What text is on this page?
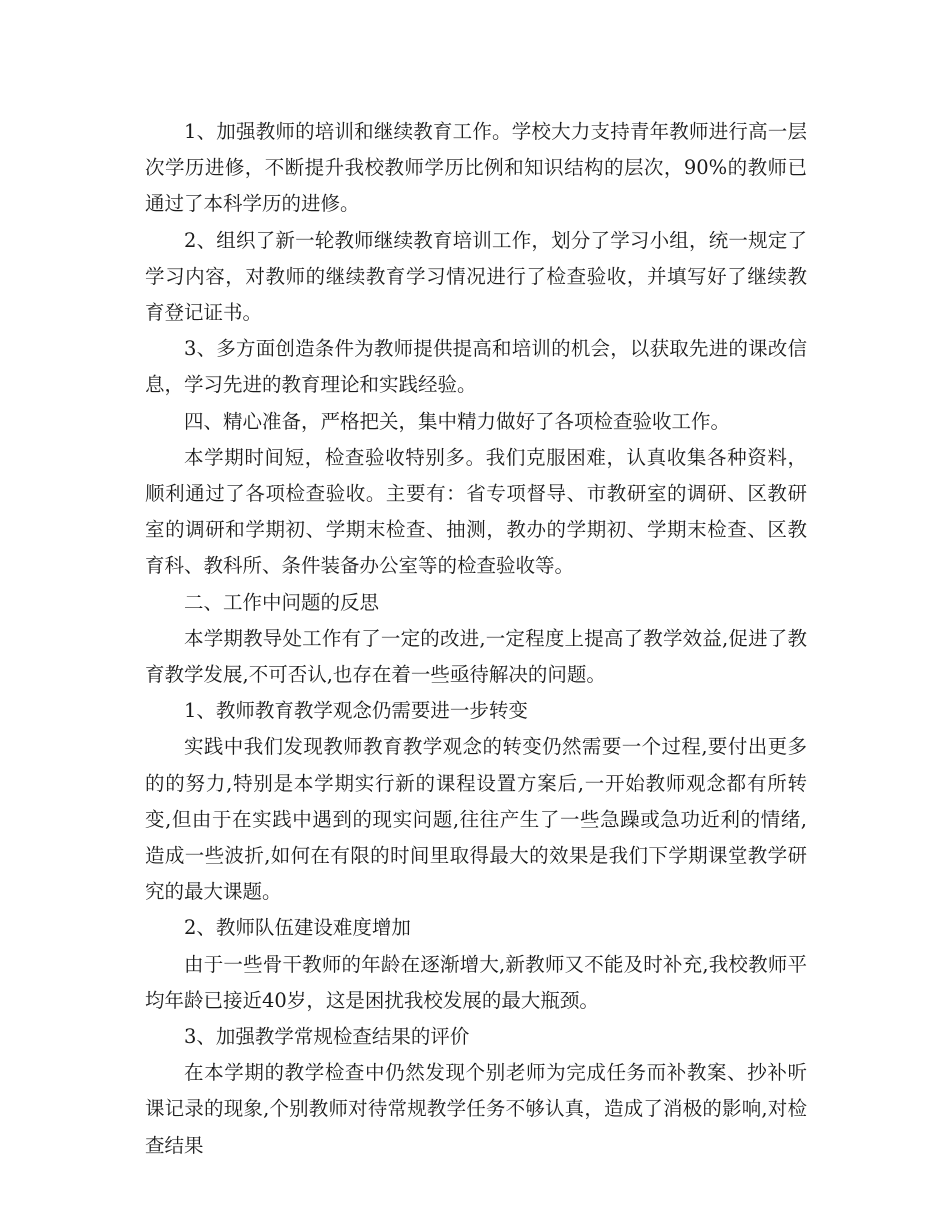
1、加强教师的培训和继续教育工作。学校大力支持青年教师进行高一层次学历进修，不断提升我校教师学历比例和知识结构的层次，90%的教师已通过了本科学历的进修。

2、组织了新一轮教师继续教育培训工作，划分了学习小组，统一规定了学习内容，对教师的继续教育学习情况进行了检查验收，并填写好了继续教育登记证书。

3、多方面创造条件为教师提供提高和培训的机会，以获取先进的课改信息，学习先进的教育理论和实践经验。

四、精心准备，严格把关，集中精力做好了各项检查验收工作。

本学期时间短，检查验收特别多。我们克服困难，认真收集各种资料，顺利通过了各项检查验收。主要有：省专项督导、市教研室的调研、区教研室的调研和学期初、学期末检查、抽测，教办的学期初、学期末检查、区教育科、教科所、条件装备办公室等的检查验收等。

二、工作中问题的反思

本学期教导处工作有了一定的改进,一定程度上提高了教学效益,促进了教育教学发展,不可否认,也存在着一些亟待解决的问题。

1、教师教育教学观念仍需要进一步转变

实践中我们发现教师教育教学观念的转变仍然需要一个过程,要付出更多的的努力,特别是本学期实行新的课程设置方案后,一开始教师观念都有所转变,但由于在实践中遇到的现实问题,往往产生了一些急躁或急功近利的情绪,造成一些波折,如何在有限的时间里取得最大的效果是我们下学期课堂教学研究的最大课题。

2、教师队伍建设难度增加

由于一些骨干教师的年龄在逐渐增大,新教师又不能及时补充,我校教师平均年龄已接近40岁，这是困扰我校发展的最大瓶颈。

3、加强教学常规检查结果的评价

在本学期的教学检查中仍然发现个别老师为完成任务而补教案、抄补听课记录的现象,个别教师对待常规教学任务不够认真，造成了消极的影响,对检查结果
